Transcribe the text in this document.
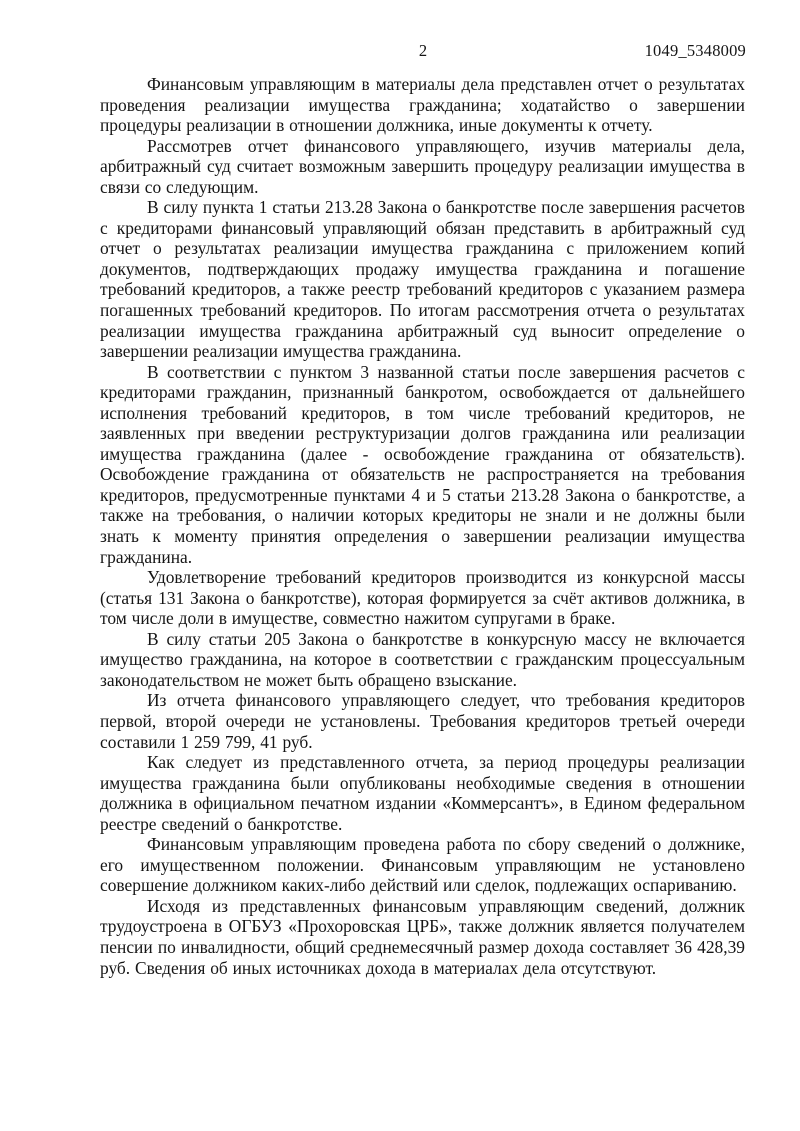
2	1049_5348009

Финансовым управляющим в материалы дела представлен отчет о результатах проведения реализации имущества гражданина; ходатайство о завершении процедуры реализации в отношении должника, иные документы к отчету.

Рассмотрев отчет финансового управляющего, изучив материалы дела, арбитражный суд считает возможным завершить процедуру реализации имущества в связи со следующим.

В силу пункта 1 статьи 213.28 Закона о банкротстве после завершения расчетов с кредиторами финансовый управляющий обязан представить в арбитражный суд отчет о результатах реализации имущества гражданина с приложением копий документов, подтверждающих продажу имущества гражданина и погашение требований кредиторов, а также реестр требований кредиторов с указанием размера погашенных требований кредиторов. По итогам рассмотрения отчета о результатах реализации имущества гражданина арбитражный суд выносит определение о завершении реализации имущества гражданина.

В соответствии с пунктом 3 названной статьи после завершения расчетов с кредиторами гражданин, признанный банкротом, освобождается от дальнейшего исполнения требований кредиторов, в том числе требований кредиторов, не заявленных при введении реструктуризации долгов гражданина или реализации имущества гражданина (далее - освобождение гражданина от обязательств). Освобождение гражданина от обязательств не распространяется на требования кредиторов, предусмотренные пунктами 4 и 5 статьи 213.28 Закона о банкротстве, а также на требования, о наличии которых кредиторы не знали и не должны были знать к моменту принятия определения о завершении реализации имущества гражданина.

Удовлетворение требований кредиторов производится из конкурсной массы (статья 131 Закона о банкротстве), которая формируется за счёт активов должника, в том числе доли в имуществе, совместно нажитом супругами в браке.

В силу статьи 205 Закона о банкротстве в конкурсную массу не включается имущество гражданина, на которое в соответствии с гражданским процессуальным законодательством не может быть обращено взыскание.

Из отчета финансового управляющего следует, что требования кредиторов первой, второй очереди не установлены. Требования кредиторов третьей очереди составили 1 259 799, 41 руб.

Как следует из представленного отчета, за период процедуры реализации имущества гражданина были опубликованы необходимые сведения в отношении должника в официальном печатном издании «Коммерсантъ», в Едином федеральном реестре сведений о банкротстве.

Финансовым управляющим проведена работа по сбору сведений о должнике, его имущественном положении. Финансовым управляющим не установлено совершение должником каких-либо действий или сделок, подлежащих оспариванию.

Исходя из представленных финансовым управляющим сведений, должник трудоустроена в ОГБУЗ «Прохоровская ЦРБ», также должник является получателем пенсии по инвалидности, общий среднемесячный размер дохода составляет 36 428,39 руб. Сведения об иных источниках дохода в материалах дела отсутствуют.
